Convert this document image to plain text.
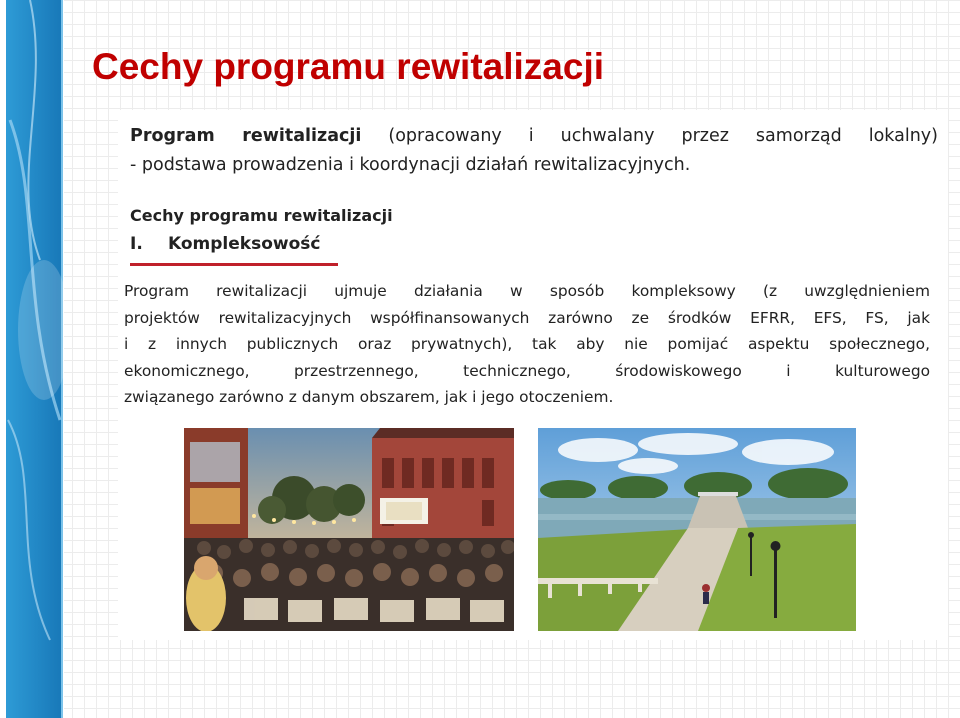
Cechy programu rewitalizacji
Program rewitalizacji (opracowany i uchwalany przez samorząd lokalny)
- podstawa prowadzenia i koordynacji działań rewitalizacyjnych.
Cechy programu rewitalizacji
I. Kompleksowość
Program rewitalizacji ujmuje działania w sposób kompleksowy (z uwzględnieniem
projektów rewitalizacyjnych współfinansowanych zarówno ze środków EFRR, EFS, FS, jak
i z innych publicznych oraz prywatnych), tak aby nie pomijać aspektu społecznego,
ekonomicznego, przestrzennego, technicznego, środowiskowego i kulturowego
związanego zarówno z danym obszarem, jak i jego otoczeniem.
